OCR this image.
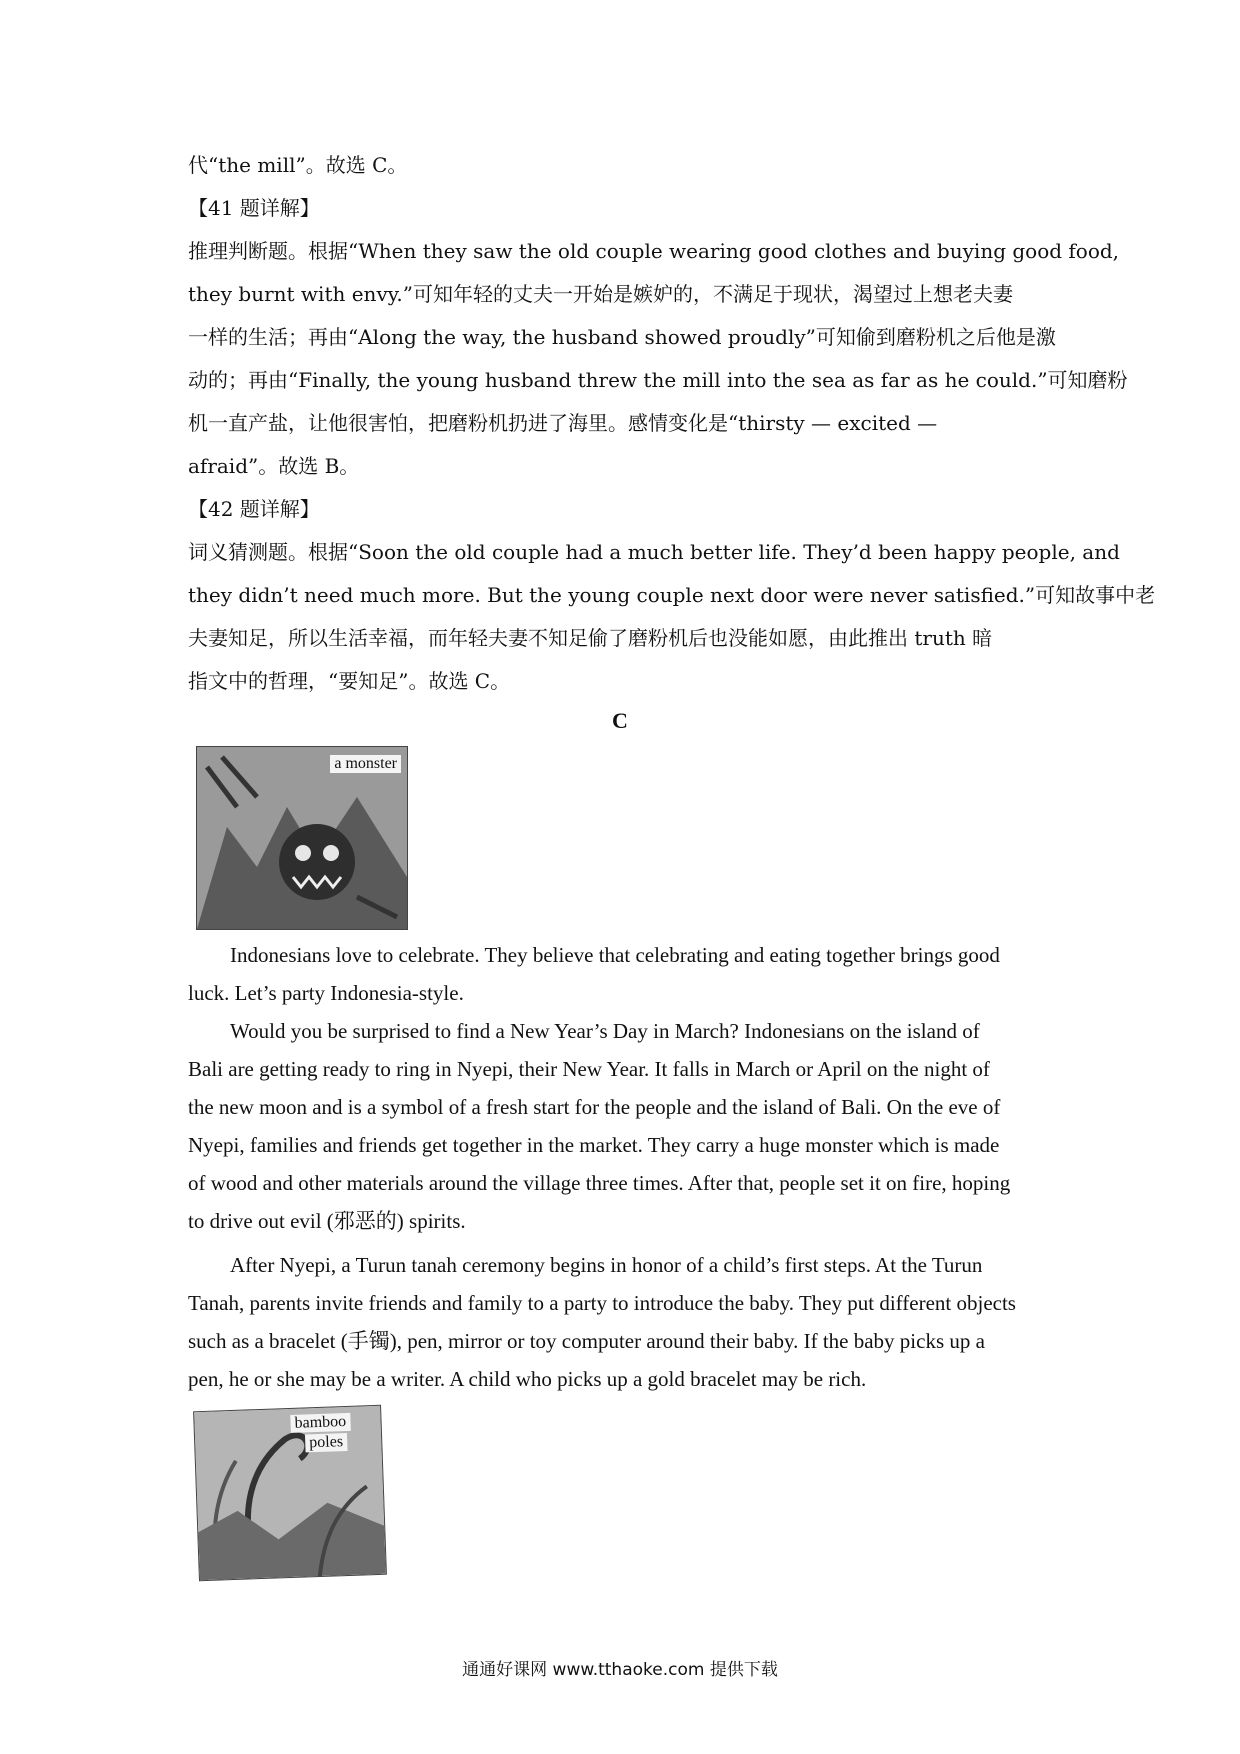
代“the mill”。故选 C。
【41 题详解】
推理判断题。根据“When they saw the old couple wearing good clothes and buying good food,
they burnt with envy.”可知年轻的丈夫一开始是嫉妒的，不满足于现状，渴望过上想老夫妻
一样的生活；再由“Along the way, the husband showed proudly”可知偷到磨粉机之后他是激
动的；再由“Finally, the young husband threw the mill into the sea as far as he could.”可知磨粉
机一直产盐，让他很害怕，把磨粉机扔进了海里。感情变化是“thirsty — excited —
afraid”。故选 B。
【42 题详解】
词义猜测题。根据“Soon the old couple had a much better life. They’d been happy people, and
they didn’t need much more. But the young couple next door were never satisfied.”可知故事中老
夫妻知足，所以生活幸福，而年轻夫妻不知足偷了磨粉机后也没能如愿，由此推出 truth 暗
指文中的哲理，“要知足”。故选 C。
C
a monster
Indonesians love to celebrate. They believe that celebrating and eating together brings good
luck. Let’s party Indonesia-style.
Would you be surprised to find a New Year’s Day in March? Indonesians on the island of
Bali are getting ready to ring in Nyepi, their New Year. It falls in March or April on the night of
the new moon and is a symbol of a fresh start for the people and the island of Bali. On the eve of
Nyepi, families and friends get together in the market. They carry a huge monster which is made
of wood and other materials around the village three times. After that, people set it on fire, hoping
to drive out evil (邪恶的) spirits.
After Nyepi, a Turun tanah ceremony begins in honor of a child’s first steps. At the Turun
Tanah, parents invite friends and family to a party to introduce the baby. They put different objects
such as a bracelet (手镯), pen, mirror or toy computer around their baby. If the baby picks up a
pen, he or she may be a writer. A child who picks up a gold bracelet may be rich.
bamboo
poles
通通好课网 www.tthaoke.com 提供下载
